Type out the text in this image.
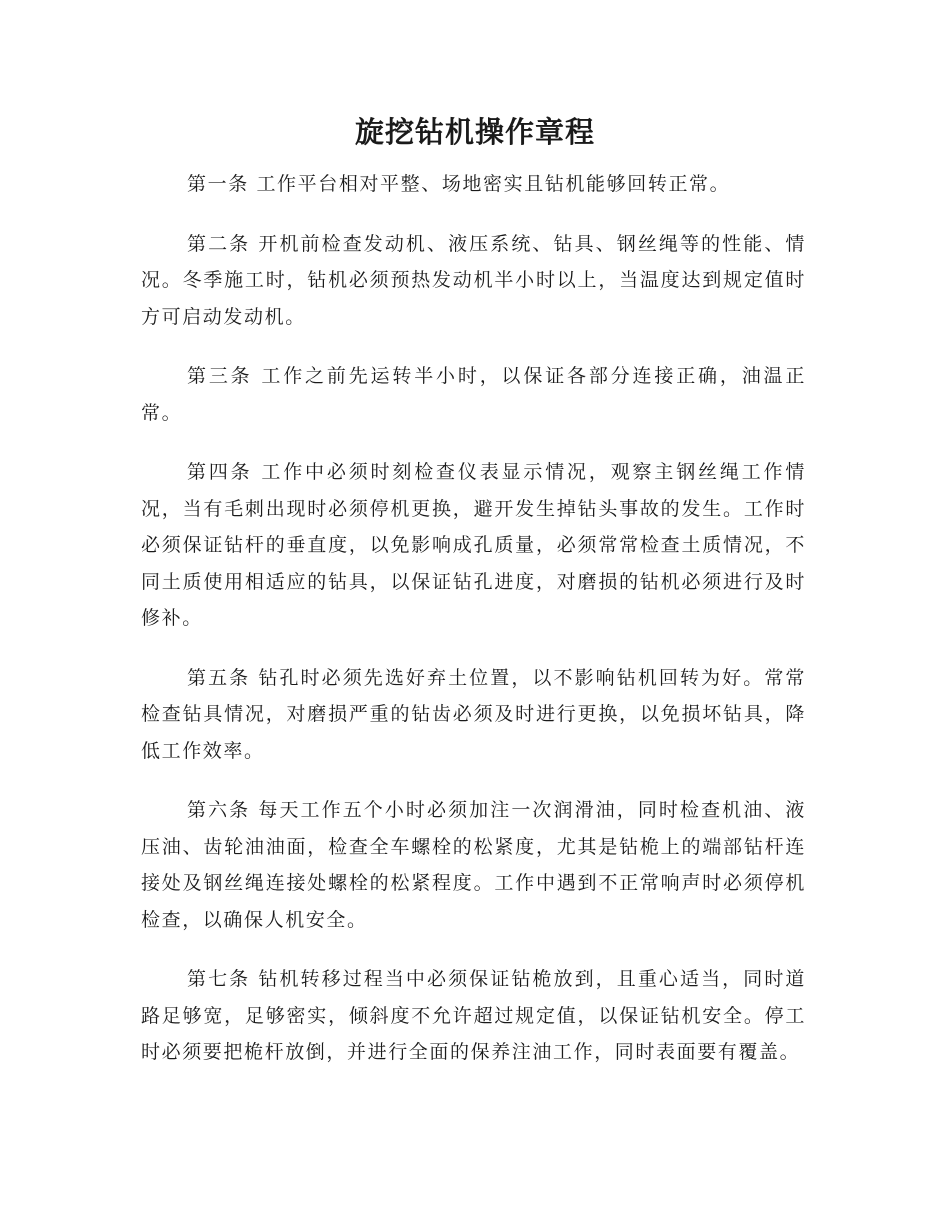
旋挖钻机操作章程

第一条 工作平台相对平整、场地密实且钻机能够回转正常。

第二条 开机前检查发动机、液压系统、钻具、钢丝绳等的性能、情况。冬季施工时，钻机必须预热发动机半小时以上，当温度达到规定值时方可启动发动机。

第三条 工作之前先运转半小时，以保证各部分连接正确，油温正常。

第四条 工作中必须时刻检查仪表显示情况，观察主钢丝绳工作情况，当有毛刺出现时必须停机更换，避开发生掉钻头事故的发生。工作时必须保证钻杆的垂直度，以免影响成孔质量，必须常常检查土质情况，不同土质使用相适应的钻具，以保证钻孔进度，对磨损的钻机必须进行及时修补。

第五条 钻孔时必须先选好弃土位置，以不影响钻机回转为好。常常检查钻具情况，对磨损严重的钻齿必须及时进行更换，以免损坏钻具，降低工作效率。

第六条 每天工作五个小时必须加注一次润滑油，同时检查机油、液压油、齿轮油油面，检查全车螺栓的松紧度，尤其是钻桅上的端部钻杆连接处及钢丝绳连接处螺栓的松紧程度。工作中遇到不正常响声时必须停机检查，以确保人机安全。

第七条 钻机转移过程当中必须保证钻桅放到，且重心适当，同时道路足够宽，足够密实，倾斜度不允许超过规定值，以保证钻机安全。停工时必须要把桅杆放倒，并进行全面的保养注油工作，同时表面要有覆盖。
